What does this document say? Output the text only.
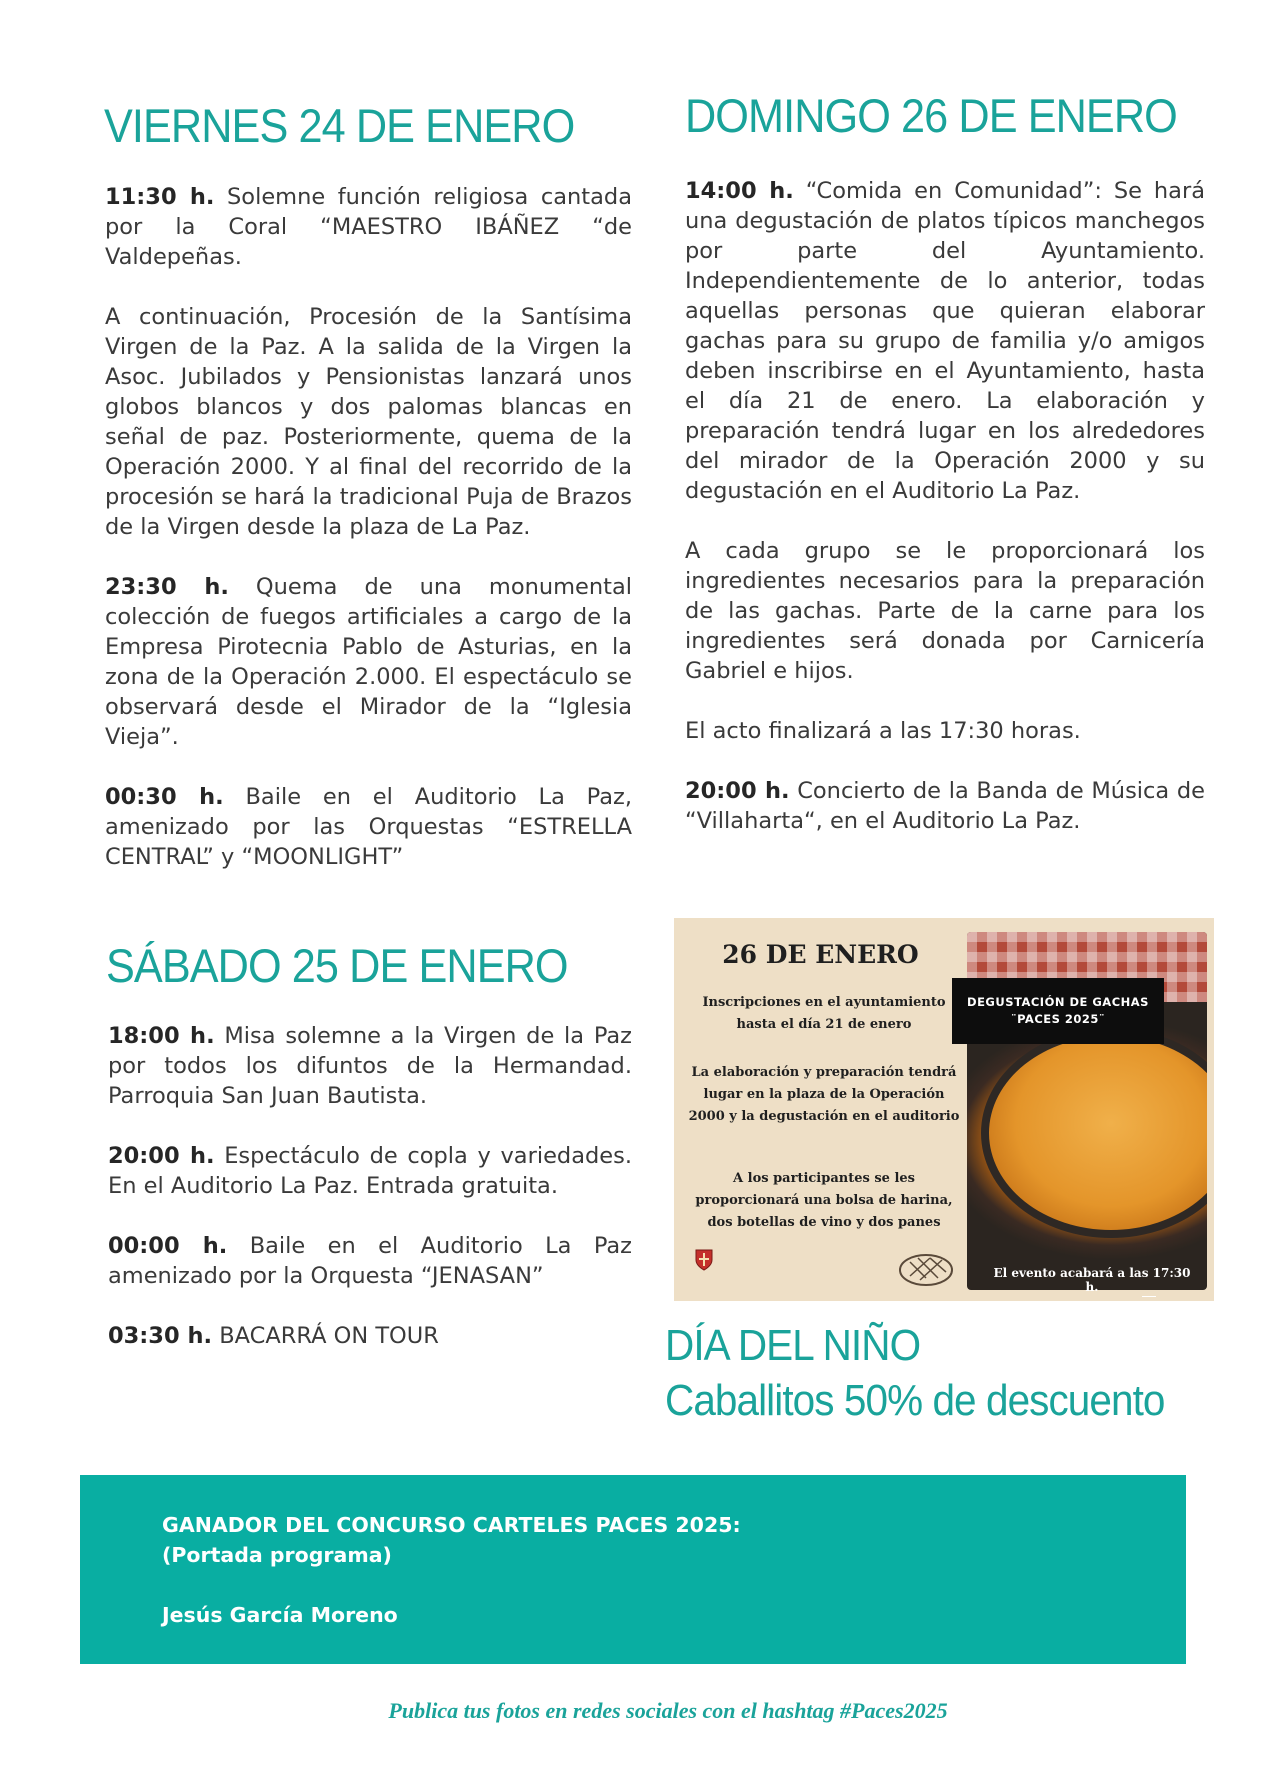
VIERNES 24 DE ENERO

11:30 h. Solemne función religiosa cantada por la Coral “MAESTRO IBÁÑEZ “de Valdepeñas.

A continuación, Procesión de la Santísima Virgen de la Paz. A la salida de la Virgen la Asoc. Jubilados y Pensionistas lanzará unos globos blancos y dos palomas blancas en señal de paz. Posteriormente, quema de la Operación 2000. Y al final del recorrido de la procesión se hará la tradicional Puja de Brazos de la Virgen desde la plaza de La Paz.

23:30 h. Quema de una monumental colección de fuegos artificiales a cargo de la Empresa Pirotecnia Pablo de Asturias, en la zona de la Operación 2.000. El espectáculo se observará desde el Mirador de la “Iglesia Vieja”.

00:30 h. Baile en el Auditorio La Paz, amenizado por las Orquestas “ESTRELLA CENTRAL” y “MOONLIGHT”

SÁBADO 25 DE ENERO

18:00 h. Misa solemne a la Virgen de la Paz por todos los difuntos de la Hermandad. Parroquia San Juan Bautista.

20:00 h. Espectáculo de copla y variedades. En el Auditorio La Paz. Entrada gratuita.

00:00 h. Baile en el Auditorio La Paz amenizado por la Orquesta “JENASAN”

03:30 h. BACARRÁ ON TOUR

DOMINGO 26 DE ENERO

14:00 h.“Comida en Comunidad”: Se hará una degustación de platos típicos manchegos por parte del Ayuntamiento. Independientemente de lo anterior, todas aquellas personas que quieran elaborar gachas para su grupo de familia y/o amigos deben inscribirse en el Ayuntamiento, hasta el día 21 de enero. La elaboración y preparación tendrá lugar en los alrededores del mirador de la Operación 2000 y su degustación en el Auditorio La Paz.

A cada grupo se le proporcionará los ingredientes necesarios para la preparación de las gachas. Parte de la carne para los ingredientes será donada por Carnicería Gabriel e hijos.

El acto finalizará a las 17:30 horas.

20:00 h. Concierto de la Banda de Música de “Villaharta“, en el Auditorio La Paz.

26 DE ENERO
Inscripciones en el ayuntamiento hasta el día 21 de enero
La elaboración y preparación tendrá lugar en la plaza de la Operación 2000 y la degustación en el auditorio
A los participantes se les proporcionará una bolsa de harina, dos botellas de vino y dos panes
DEGUSTACIÓN DE GACHAS
¨PACES 2025¨
El evento acabará a las 17:30 h.
DÍA DEL NIÑO
Caballitos 50% de descuento
GANADOR DEL CONCURSO CARTELES PACES 2025:
(Portada programa)
Jesús García Moreno
Publica tus fotos en redes sociales con el hashtag #Paces2025
